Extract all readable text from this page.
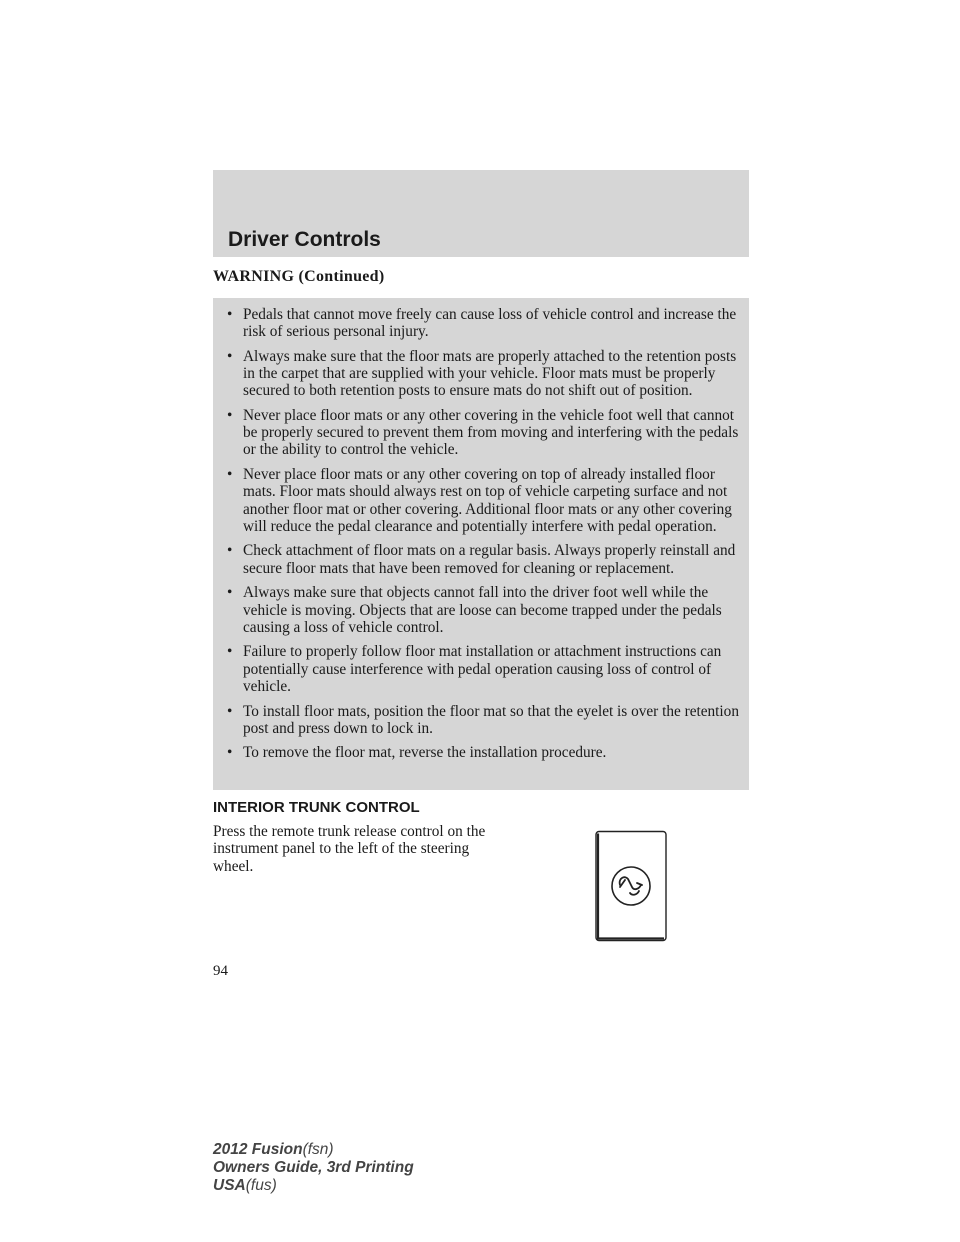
Driver Controls

WARNING (Continued)

• Pedals that cannot move freely can cause loss of vehicle control and increase the risk of serious personal injury.
• Always make sure that the floor mats are properly attached to the retention posts in the carpet that are supplied with your vehicle. Floor mats must be properly secured to both retention posts to ensure mats do not shift out of position.
• Never place floor mats or any other covering in the vehicle foot well that cannot be properly secured to prevent them from moving and interfering with the pedals or the ability to control the vehicle.
• Never place floor mats or any other covering on top of already installed floor mats. Floor mats should always rest on top of vehicle carpeting surface and not another floor mat or other covering. Additional floor mats or any other covering will reduce the pedal clearance and potentially interfere with pedal operation.
• Check attachment of floor mats on a regular basis. Always properly reinstall and secure floor mats that have been removed for cleaning or replacement.
• Always make sure that objects cannot fall into the driver foot well while the vehicle is moving. Objects that are loose can become trapped under the pedals causing a loss of vehicle control.
• Failure to properly follow floor mat installation or attachment instructions can potentially cause interference with pedal operation causing loss of control of vehicle.
• To install floor mats, position the floor mat so that the eyelet is over the retention post and press down to lock in.
• To remove the floor mat, reverse the installation procedure.
INTERIOR TRUNK CONTROL

Press the remote trunk release control on the instrument panel to the left of the steering wheel.

94

2012 Fusion(fsn)
Owners Guide, 3rd Printing
USA(fus)
